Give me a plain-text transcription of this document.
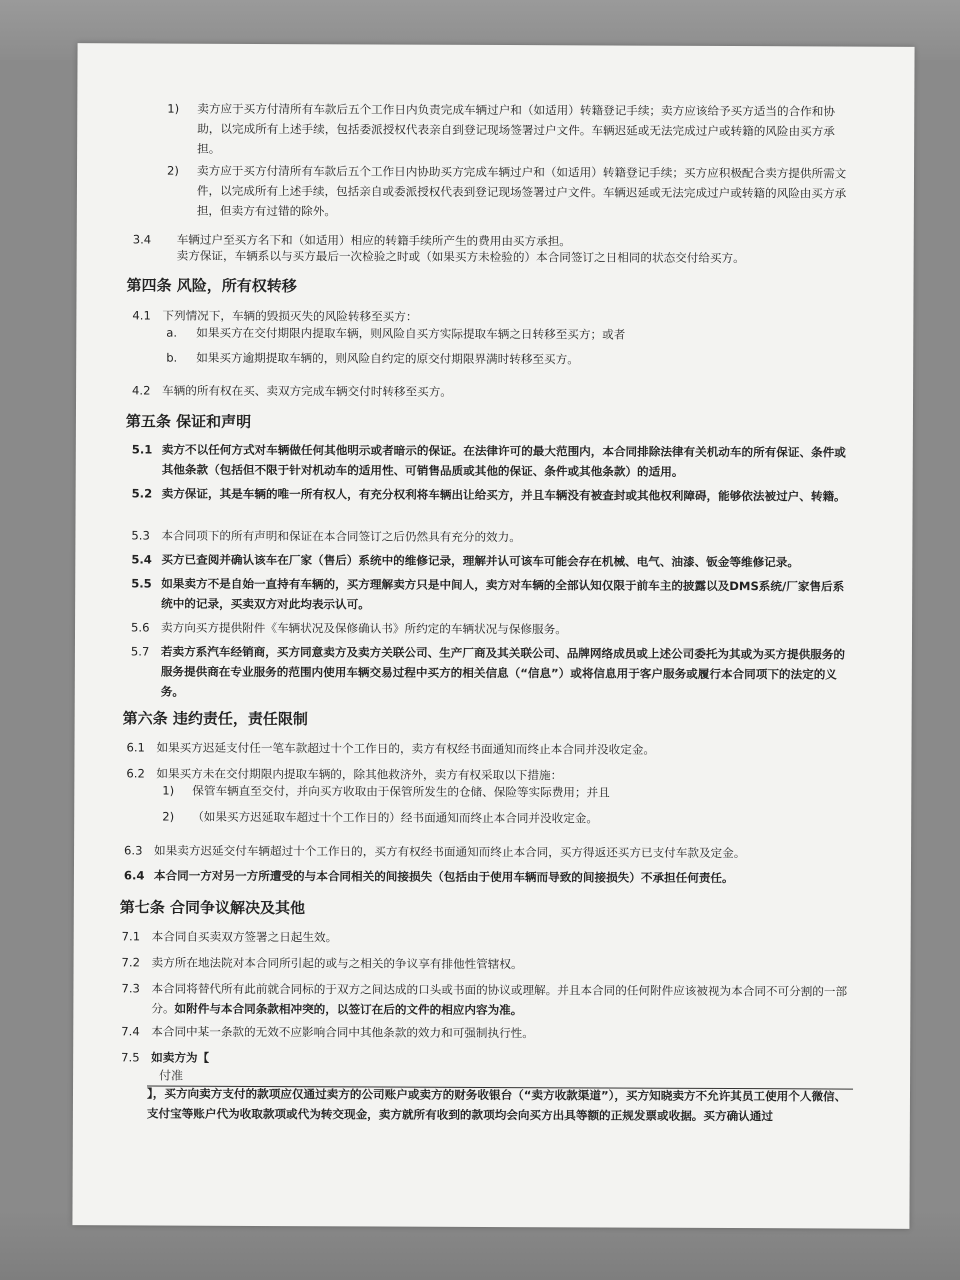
1) 卖方应于买方付清所有车款后五个工作日内负责完成车辆过户和（如适用）转籍登记手续；卖方应该给予买方适当的合作和协助，以完成所有上述手续，包括委派授权代表亲自到登记现场签署过户文件。车辆迟延或无法完成过户或转籍的风险由买方承担。
2) 卖方应于买方付清所有车款后五个工作日内协助买方完成车辆过户和（如适用）转籍登记手续；买方应积极配合卖方提供所需文件，以完成所有上述手续，包括亲自或委派授权代表到登记现场签署过户文件。车辆迟延或无法完成过户或转籍的风险由买方承担，但卖方有过错的除外。
3.4 车辆过户至买方名下和（如适用）相应的转籍手续所产生的费用由买方承担。
卖方保证，车辆系以与买方最后一次检验之时或（如果买方未检验的）本合同签订之日相同的状态交付给买方。
第四条 风险，所有权转移
4.1 下列情况下，车辆的毁损灭失的风险转移至买方：
a. 如果买方在交付期限内提取车辆，则风险自买方实际提取车辆之日转移至买方；或者
b. 如果买方逾期提取车辆的，则风险自约定的原交付期限界满时转移至买方。
4.2 车辆的所有权在买、卖双方完成车辆交付时转移至买方。
第五条 保证和声明
5.1 卖方不以任何方式对车辆做任何其他明示或者暗示的保证。在法律许可的最大范围内，本合同排除法律有关机动车的所有保证、条件或其他条款（包括但不限于针对机动车的适用性、可销售品质或其他的保证、条件或其他条款）的适用。
5.2 卖方保证，其是车辆的唯一所有权人，有充分权利将车辆出让给买方，并且车辆没有被查封或其他权利障碍，能够依法被过户、转籍。
5.3 本合同项下的所有声明和保证在本合同签订之后仍然具有充分的效力。
5.4 买方已查阅并确认该车在厂家（售后）系统中的维修记录，理解并认可该车可能会存在机械、电气、油漆、钣金等维修记录。
5.5 如果卖方不是自始一直持有车辆的，买方理解卖方只是中间人，卖方对车辆的全部认知仅限于前车主的披露以及DMS系统/厂家售后系统中的记录，买卖双方对此均表示认可。
5.6 卖方向买方提供附件《车辆状况及保修确认书》所约定的车辆状况与保修服务。
5.7 若卖方系汽车经销商，买方同意卖方及卖方关联公司、生产厂商及其关联公司、品牌网络成员或上述公司委托为其或为买方提供服务的服务提供商在专业服务的范围内使用车辆交易过程中买方的相关信息（“信息”）或将信息用于客户服务或履行本合同项下的法定的义务。
第六条 违约责任，责任限制
6.1 如果买方迟延支付任一笔车款超过十个工作日的，卖方有权经书面通知而终止本合同并没收定金。
6.2 如果买方未在交付期限内提取车辆的，除其他救济外，卖方有权采取以下措施：
1) 保管车辆直至交付，并向买方收取由于保管所发生的仓储、保险等实际费用；并且
2) （如果买方迟延取车超过十个工作日的）经书面通知而终止本合同并没收定金。
6.3 如果卖方迟延交付车辆超过十个工作日的，买方有权经书面通知而终止本合同，买方得返还买方已支付车款及定金。
6.4 本合同一方对另一方所遭受的与本合同相关的间接损失（包括由于使用车辆而导致的间接损失）不承担任何责任。
第七条 合同争议解决及其他
7.1 本合同自买卖双方签署之日起生效。
7.2 卖方所在地法院对本合同所引起的或与之相关的争议享有排他性管辖权。
7.3 本合同将替代所有此前就合同标的于双方之间达成的口头或书面的协议或理解。并且本合同的任何附件应该被视为本合同不可分割的一部分。如附件与本合同条款相冲突的，以签订在后的文件的相应内容为准。
7.4 本合同中某一条款的无效不应影响合同中其他条款的效力和可强制执行性。
7.5 如卖方为【
付准
】，买方向卖方支付的款项应仅通过卖方的公司账户或卖方的财务收银台（“卖方收款渠道”），买方知晓卖方不允许其员工使用个人微信、支付宝等账户代为收取款项或代为转交现金，卖方就所有收到的款项均会向买方出具等额的正规发票或收据。买方确认通过
